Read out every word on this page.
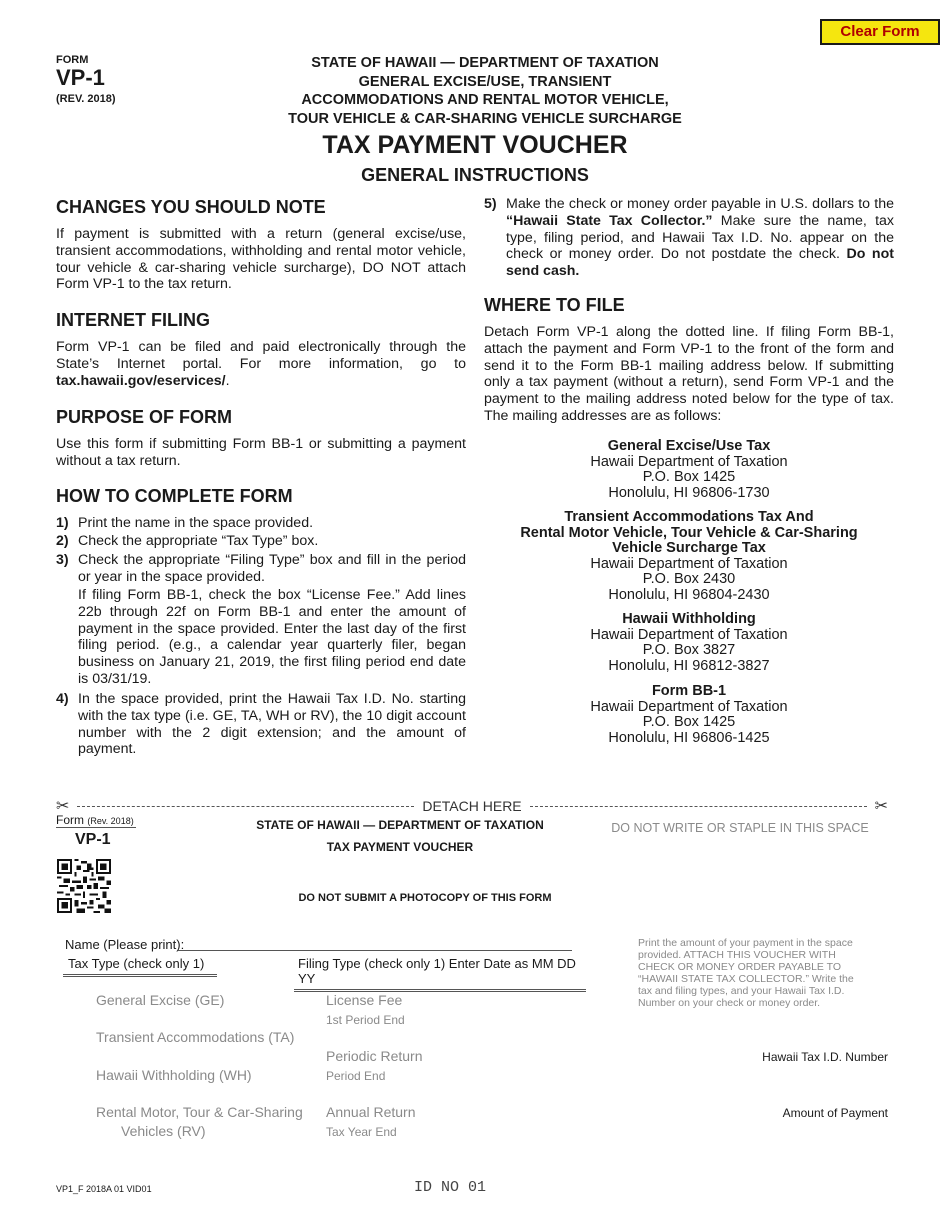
Clear Form
FORM
VP-1
(REV. 2018)
STATE OF HAWAII — DEPARTMENT OF TAXATION
GENERAL EXCISE/USE, TRANSIENT
ACCOMMODATIONS AND RENTAL MOTOR VEHICLE,
TOUR VEHICLE & CAR-SHARING VEHICLE SURCHARGE
TAX PAYMENT VOUCHER
GENERAL INSTRUCTIONS
CHANGES YOU SHOULD NOTE
If payment is submitted with a return (general excise/use, transient accommodations, withholding and rental motor vehicle, tour vehicle & car-sharing vehicle surcharge), DO NOT attach Form VP-1 to the tax return.
INTERNET FILING
Form VP-1 can be filed and paid electronically through the State’s Internet portal. For more information, go to tax.hawaii.gov/eservices/.
PURPOSE OF FORM
Use this form if submitting Form BB-1 or submitting a payment without a tax return.
HOW TO COMPLETE FORM
1) Print the name in the space provided.
2) Check the appropriate “Tax Type” box.
3) Check the appropriate “Filing Type” box and fill in the period or year in the space provided.
If filing Form BB-1, check the box “License Fee.” Add lines 22b through 22f on Form BB-1 and enter the amount of payment in the space provided. Enter the last day of the first filing period. (e.g., a calendar year quarterly filer, began business on January 21, 2019, the first filing period end date is 03/31/19.
4) In the space provided, print the Hawaii Tax I.D. No. starting with the tax type (i.e. GE, TA, WH or RV), the 10 digit account number with the 2 digit extension; and the amount of payment.
5) Make the check or money order payable in U.S. dollars to the “Hawaii State Tax Collector.” Make sure the name, tax type, filing period, and Hawaii Tax I.D. No. appear on the check or money order. Do not postdate the check. Do not send cash.
WHERE TO FILE
Detach Form VP-1 along the dotted line. If filing Form BB-1, attach the payment and Form VP-1 to the front of the form and send it to the Form BB-1 mailing address below. If submitting only a tax payment (without a return), send Form VP-1 and the payment to the mailing address noted below for the type of tax. The mailing addresses are as follows:
General Excise/Use Tax
Hawaii Department of Taxation
P.O. Box 1425
Honolulu, HI 96806-1730
Transient Accommodations Tax And
Rental Motor Vehicle, Tour Vehicle & Car-Sharing
Vehicle Surcharge Tax
Hawaii Department of Taxation
P.O. Box 2430
Honolulu, HI 96804-2430
Hawaii Withholding
Hawaii Department of Taxation
P.O. Box 3827
Honolulu, HI 96812-3827
Form BB-1
Hawaii Department of Taxation
P.O. Box 1425
Honolulu, HI 96806-1425
✂	DETACH HERE	✂
Form (Rev. 2018)
VP-1
STATE OF HAWAII — DEPARTMENT OF TAXATION
TAX PAYMENT VOUCHER
DO NOT WRITE OR STAPLE IN THIS SPACE
DO NOT SUBMIT A PHOTOCOPY OF THIS FORM
Name (Please print):
Tax Type (check only 1)	Filing Type (check only 1) Enter Date as MM DD YY
General Excise (GE)
Transient Accommodations (TA)
Hawaii Withholding (WH)
Rental Motor, Tour & Car-Sharing
Vehicles (RV)
License Fee
1st Period End
Periodic Return
Period End
Annual Return
Tax Year End
Print the amount of your payment in the space provided. ATTACH THIS VOUCHER WITH CHECK OR MONEY ORDER PAYABLE TO “HAWAII STATE TAX COLLECTOR.” Write the tax and filing types, and your Hawaii Tax I.D. Number on your check or money order.
Hawaii Tax I.D. Number
Amount of Payment
VP1_F 2018A 01 VID01	ID NO 01
